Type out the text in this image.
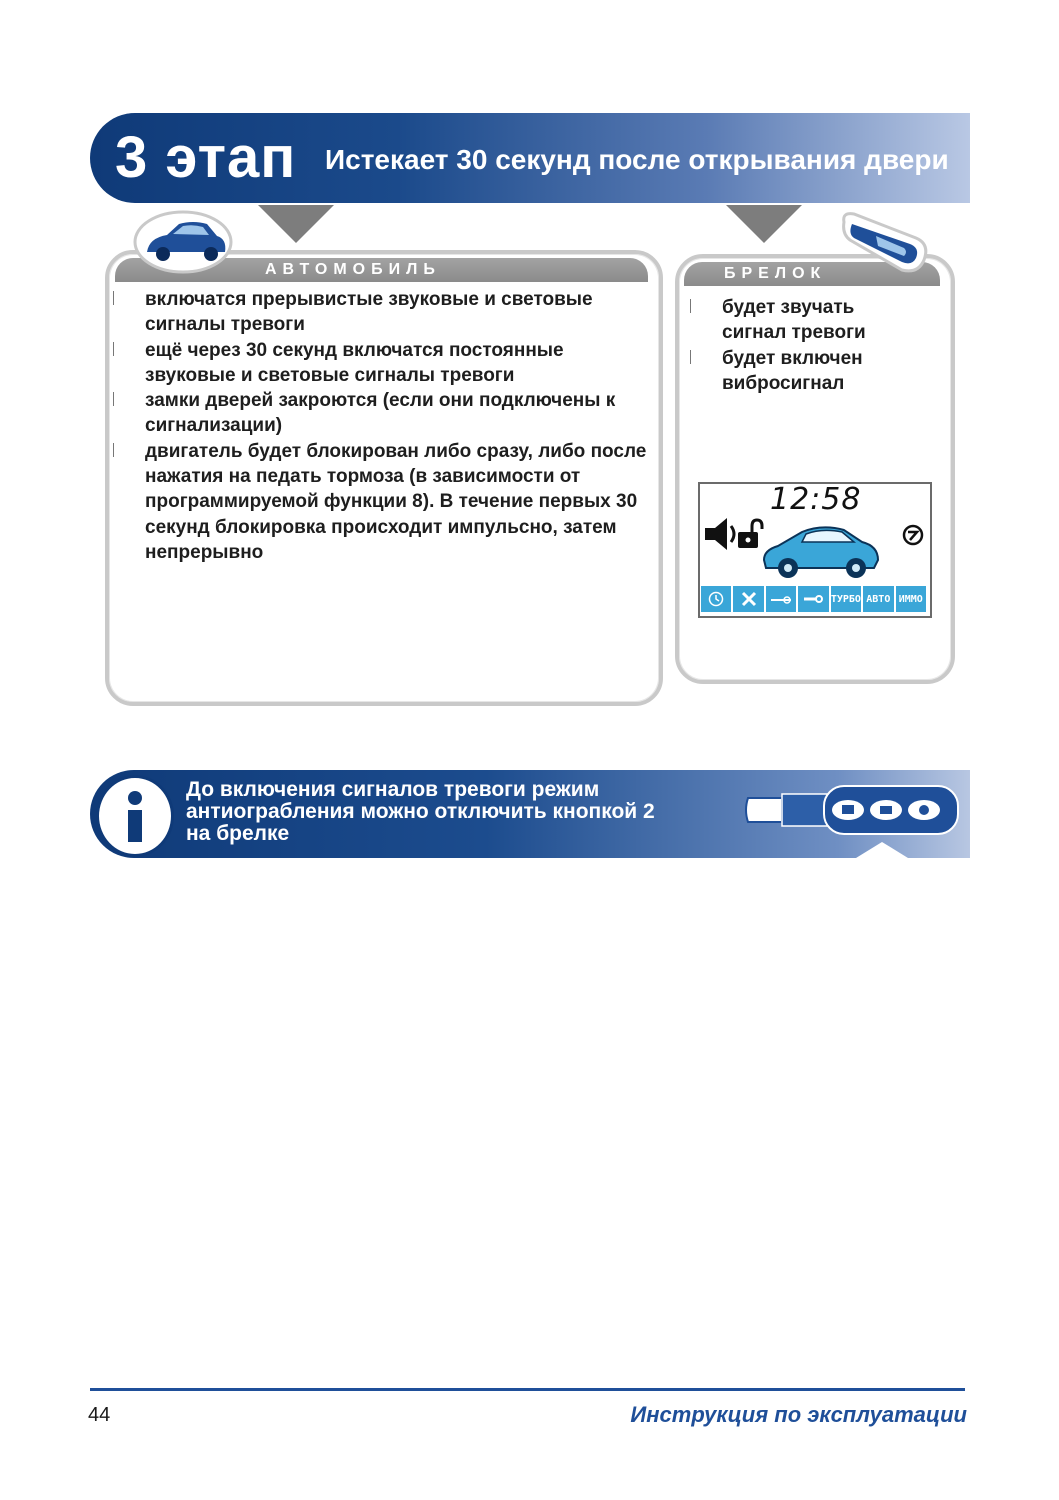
3 этап Истекает 30 секунд после открывания двери
АВТОМОБИЛЬ
включатся прерывистые звуковые и световые сигналы тревоги
ещё через 30 секунд включатся постоянные звуковые и световые сигналы тревоги
замки дверей закроются (если они подключены к сигнализации)
двигатель будет блокирован либо сразу, либо после нажатия на педать тормоза (в зависимости от программируемой функции 8). В течение первых 30 секунд блокировка происходит импульсно, затем непрерывно
БРЕЛОК
будет звучать сигнал тревоги
будет включен вибросигнал
12:58
ТУРБО АВТО ИММО
До включения сигналов тревоги режим
антиограбления можно отключить кнопкой 2
на брелке
44	Инструкция по эксплуатации
